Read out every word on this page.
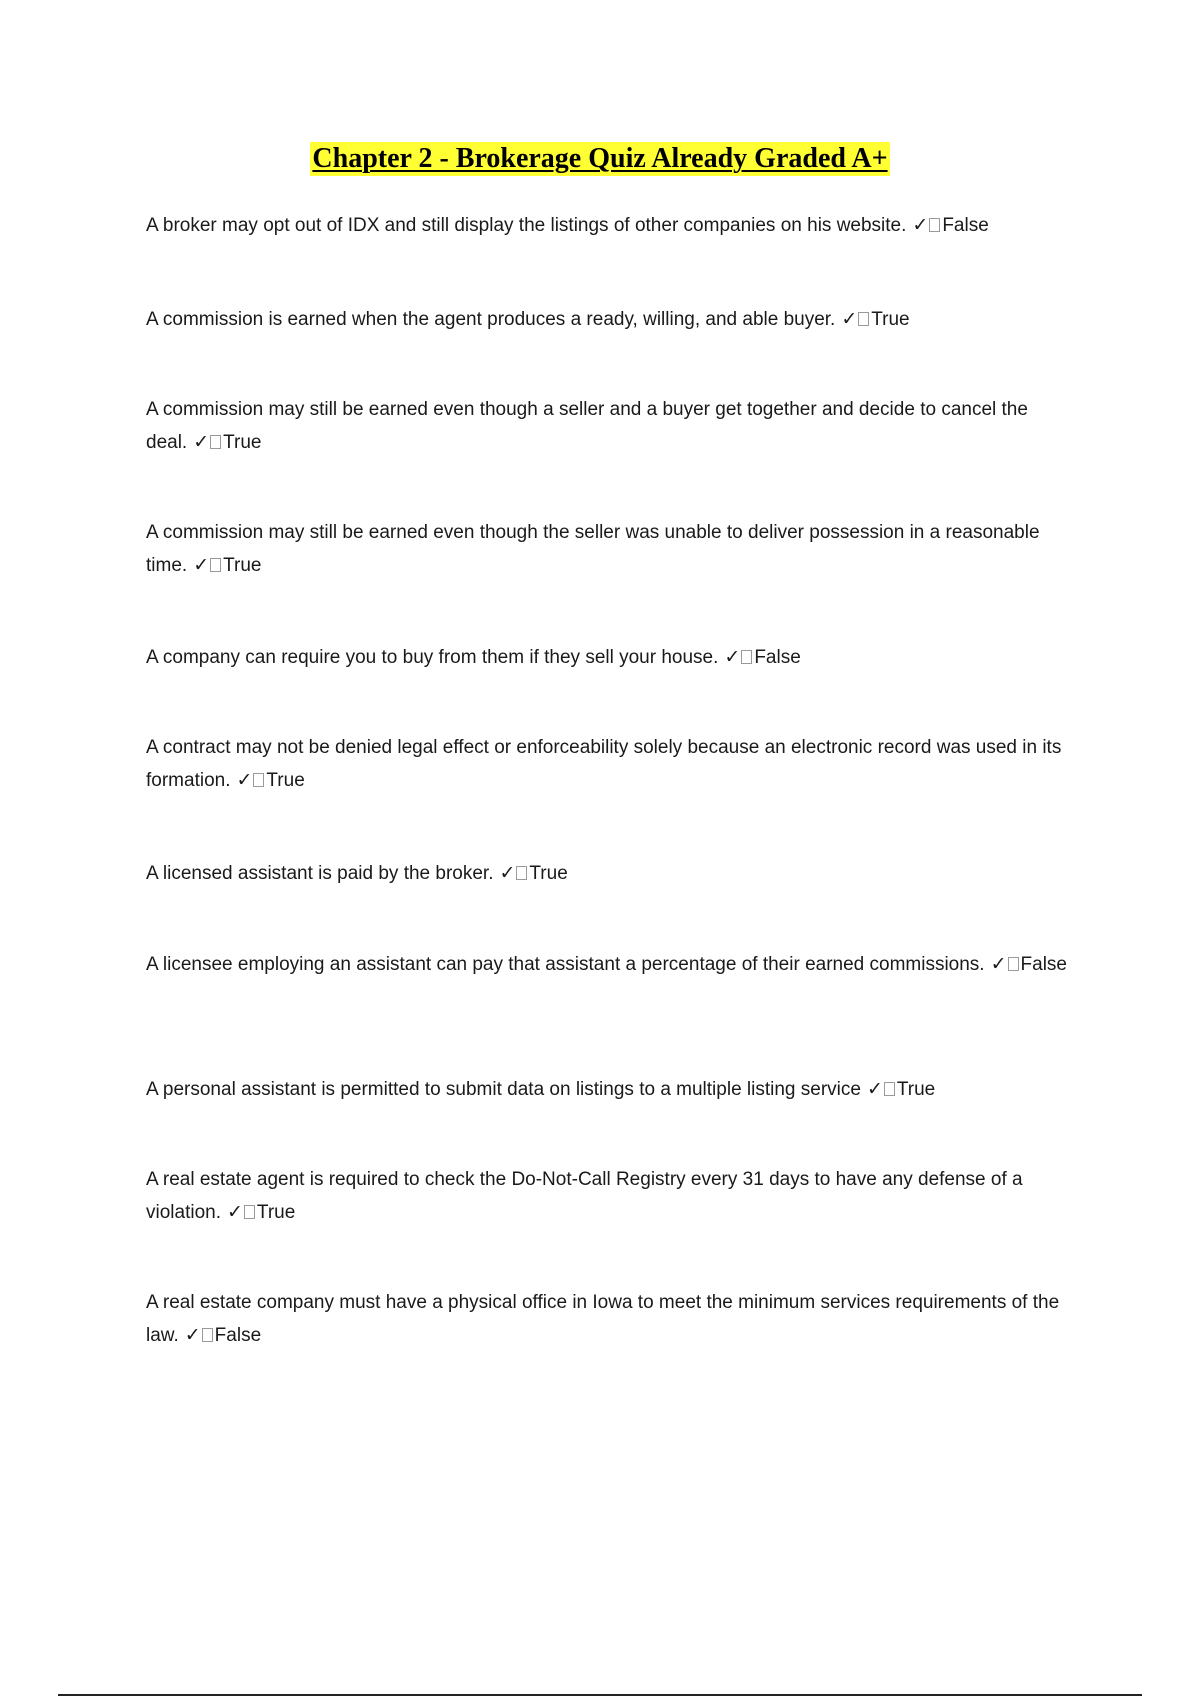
Chapter 2 - Brokerage Quiz Already Graded A+
A broker may opt out of IDX and still display the listings of other companies on his website. ✓ False
A commission is earned when the agent produces a ready, willing, and able buyer. ✓ True
A commission may still be earned even though a seller and a buyer get together and decide to cancel the deal. ✓ True
A commission may still be earned even though the seller was unable to deliver possession in a reasonable time. ✓ True
A company can require you to buy from them if they sell your house. ✓ False
A contract may not be denied legal effect or enforceability solely because an electronic record was used in its formation. ✓ True
A licensed assistant is paid by the broker. ✓ True
A licensee employing an assistant can pay that assistant a percentage of their earned commissions. ✓ False
A personal assistant is permitted to submit data on listings to a multiple listing service ✓ True
A real estate agent is required to check the Do-Not-Call Registry every 31 days to have any defense of a violation. ✓ True
A real estate company must have a physical office in Iowa to meet the minimum services requirements of the law. ✓ False
